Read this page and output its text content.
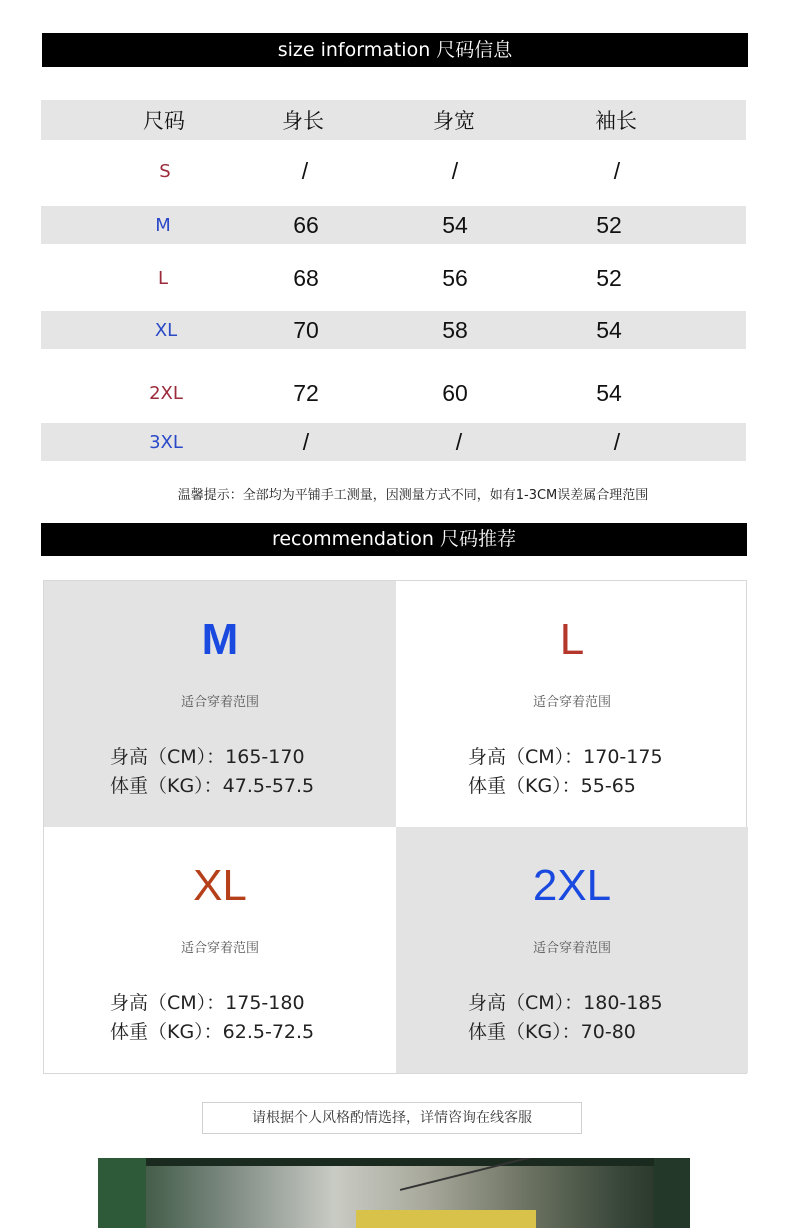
size information 尺码信息
尺码	身长	身宽	袖长
S	/	/	/
M	66	54	52
L	68	56	52
XL	70	58	54
2XL	72	60	54
3XL	/	/	/
温馨提示：全部均为平铺手工测量，因测量方式不同，如有1-3CM误差属合理范围
recommendation 尺码推荐
M
适合穿着范围
身高（CM）：165-170
体重（KG）：47.5-57.5
L
适合穿着范围
身高（CM）：170-175
体重（KG）：55-65
XL
适合穿着范围
身高（CM）：175-180
体重（KG）：62.5-72.5
2XL
适合穿着范围
身高（CM）：180-185
体重（KG）：70-80
请根据个人风格酌情选择，详情咨询在线客服
